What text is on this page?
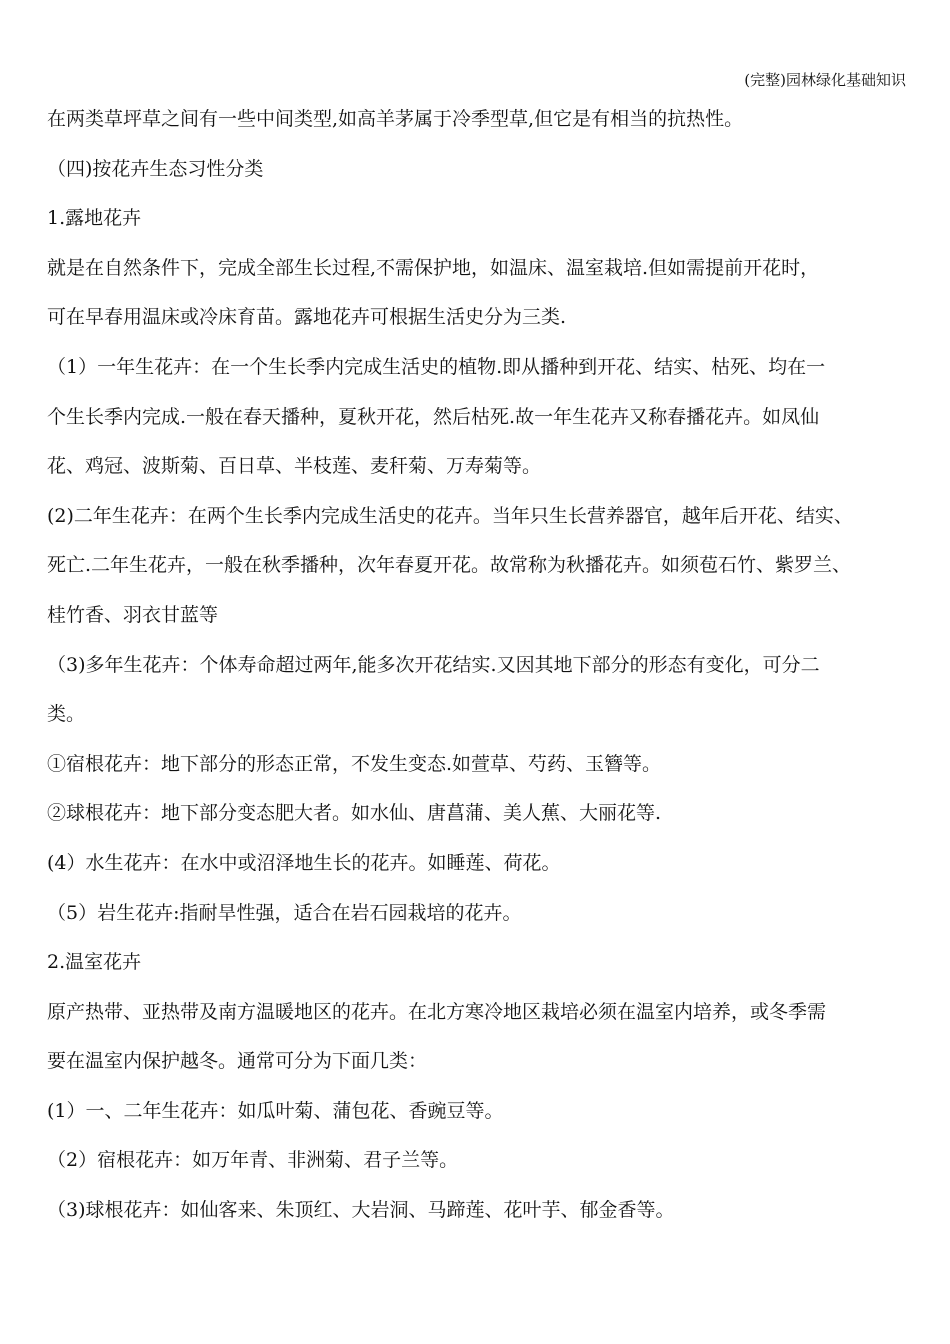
(完整)园林绿化基础知识

在两类草坪草之间有一些中间类型,如高羊茅属于冷季型草,但它是有相当的抗热性。

（四)按花卉生态习性分类

1.露地花卉

就是在自然条件下，完成全部生长过程,不需保护地，如温床、温室栽培.但如需提前开花时，

可在早春用温床或冷床育苗。露地花卉可根据生活史分为三类.

（1）一年生花卉：在一个生长季内完成生活史的植物.即从播种到开花、结实、枯死、均在一

个生长季内完成.一般在春天播种，夏秋开花，然后枯死.故一年生花卉又称春播花卉。如凤仙

花、鸡冠、波斯菊、百日草、半枝莲、麦秆菊、万寿菊等。

(2)二年生花卉：在两个生长季内完成生活史的花卉。当年只生长营养器官，越年后开花、结实、

死亡.二年生花卉，一般在秋季播种，次年春夏开花。故常称为秋播花卉。如须苞石竹、紫罗兰、

桂竹香、羽衣甘蓝等

（3)多年生花卉：个体寿命超过两年,能多次开花结实.又因其地下部分的形态有变化，可分二

类。

①宿根花卉：地下部分的形态正常，不发生变态.如萱草、芍药、玉簪等。

②球根花卉：地下部分变态肥大者。如水仙、唐菖蒲、美人蕉、大丽花等.

(4）水生花卉：在水中或沼泽地生长的花卉。如睡莲、荷花。

（5）岩生花卉:指耐旱性强，适合在岩石园栽培的花卉。

2.温室花卉

原产热带、亚热带及南方温暖地区的花卉。在北方寒冷地区栽培必须在温室内培养，或冬季需

要在温室内保护越冬。通常可分为下面几类：

(1）一、二年生花卉：如瓜叶菊、蒲包花、香豌豆等。

（2）宿根花卉：如万年青、非洲菊、君子兰等。

（3)球根花卉：如仙客来、朱顶红、大岩洞、马蹄莲、花叶芋、郁金香等。
